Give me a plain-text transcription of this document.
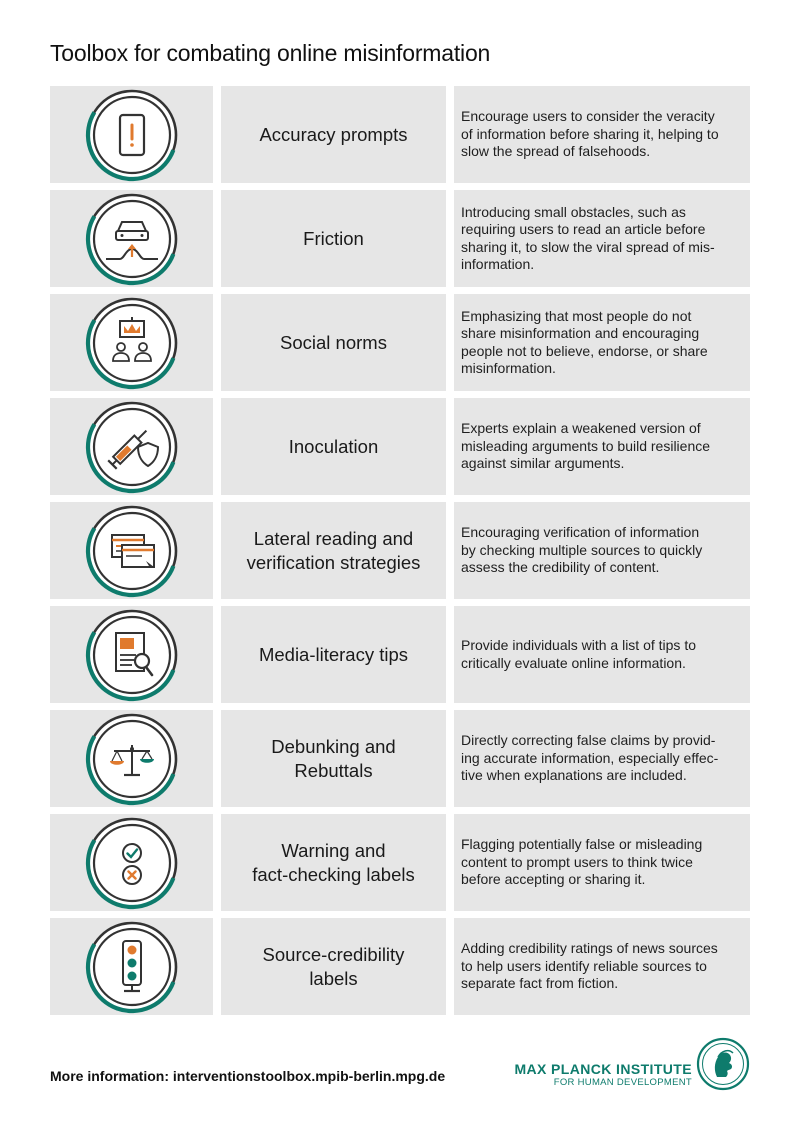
Toolbox for combating online misinformation
Accuracy prompts
Encourage users to consider the veracity
of information before sharing it, helping to
slow the spread of falsehoods.
Friction
Introducing small obstacles, such as
requiring users to read an article before
sharing it, to slow the viral spread of mis-
information.
Social norms
Emphasizing that most people do not
share misinformation and encouraging
people not to believe, endorse, or share
misinformation.
Inoculation
Experts explain a weakened version of
misleading arguments to build resilience
against similar arguments.
Lateral reading and
verification strategies
Encouraging verification of information
by checking multiple sources to quickly
assess the credibility of content.
Media-literacy tips	Provide individuals with a list of tips to
critically evaluate online information.
Debunking and
Rebuttals
Directly correcting false claims by provid-
ing accurate information, especially effec-
tive when explanations are included.
Warning and
fact-checking labels
Flagging potentially false or misleading
content to prompt users to think twice
before accepting or sharing it.
Source-credibility
labels
Adding credibility ratings of news sources
to help users identify reliable sources to
separate fact from fiction.
More information: interventionstoolbox.mpib-berlin.mpg.de	MAX PLANCK INSTITUTE
FOR HUMAN DEVELOPMENT
